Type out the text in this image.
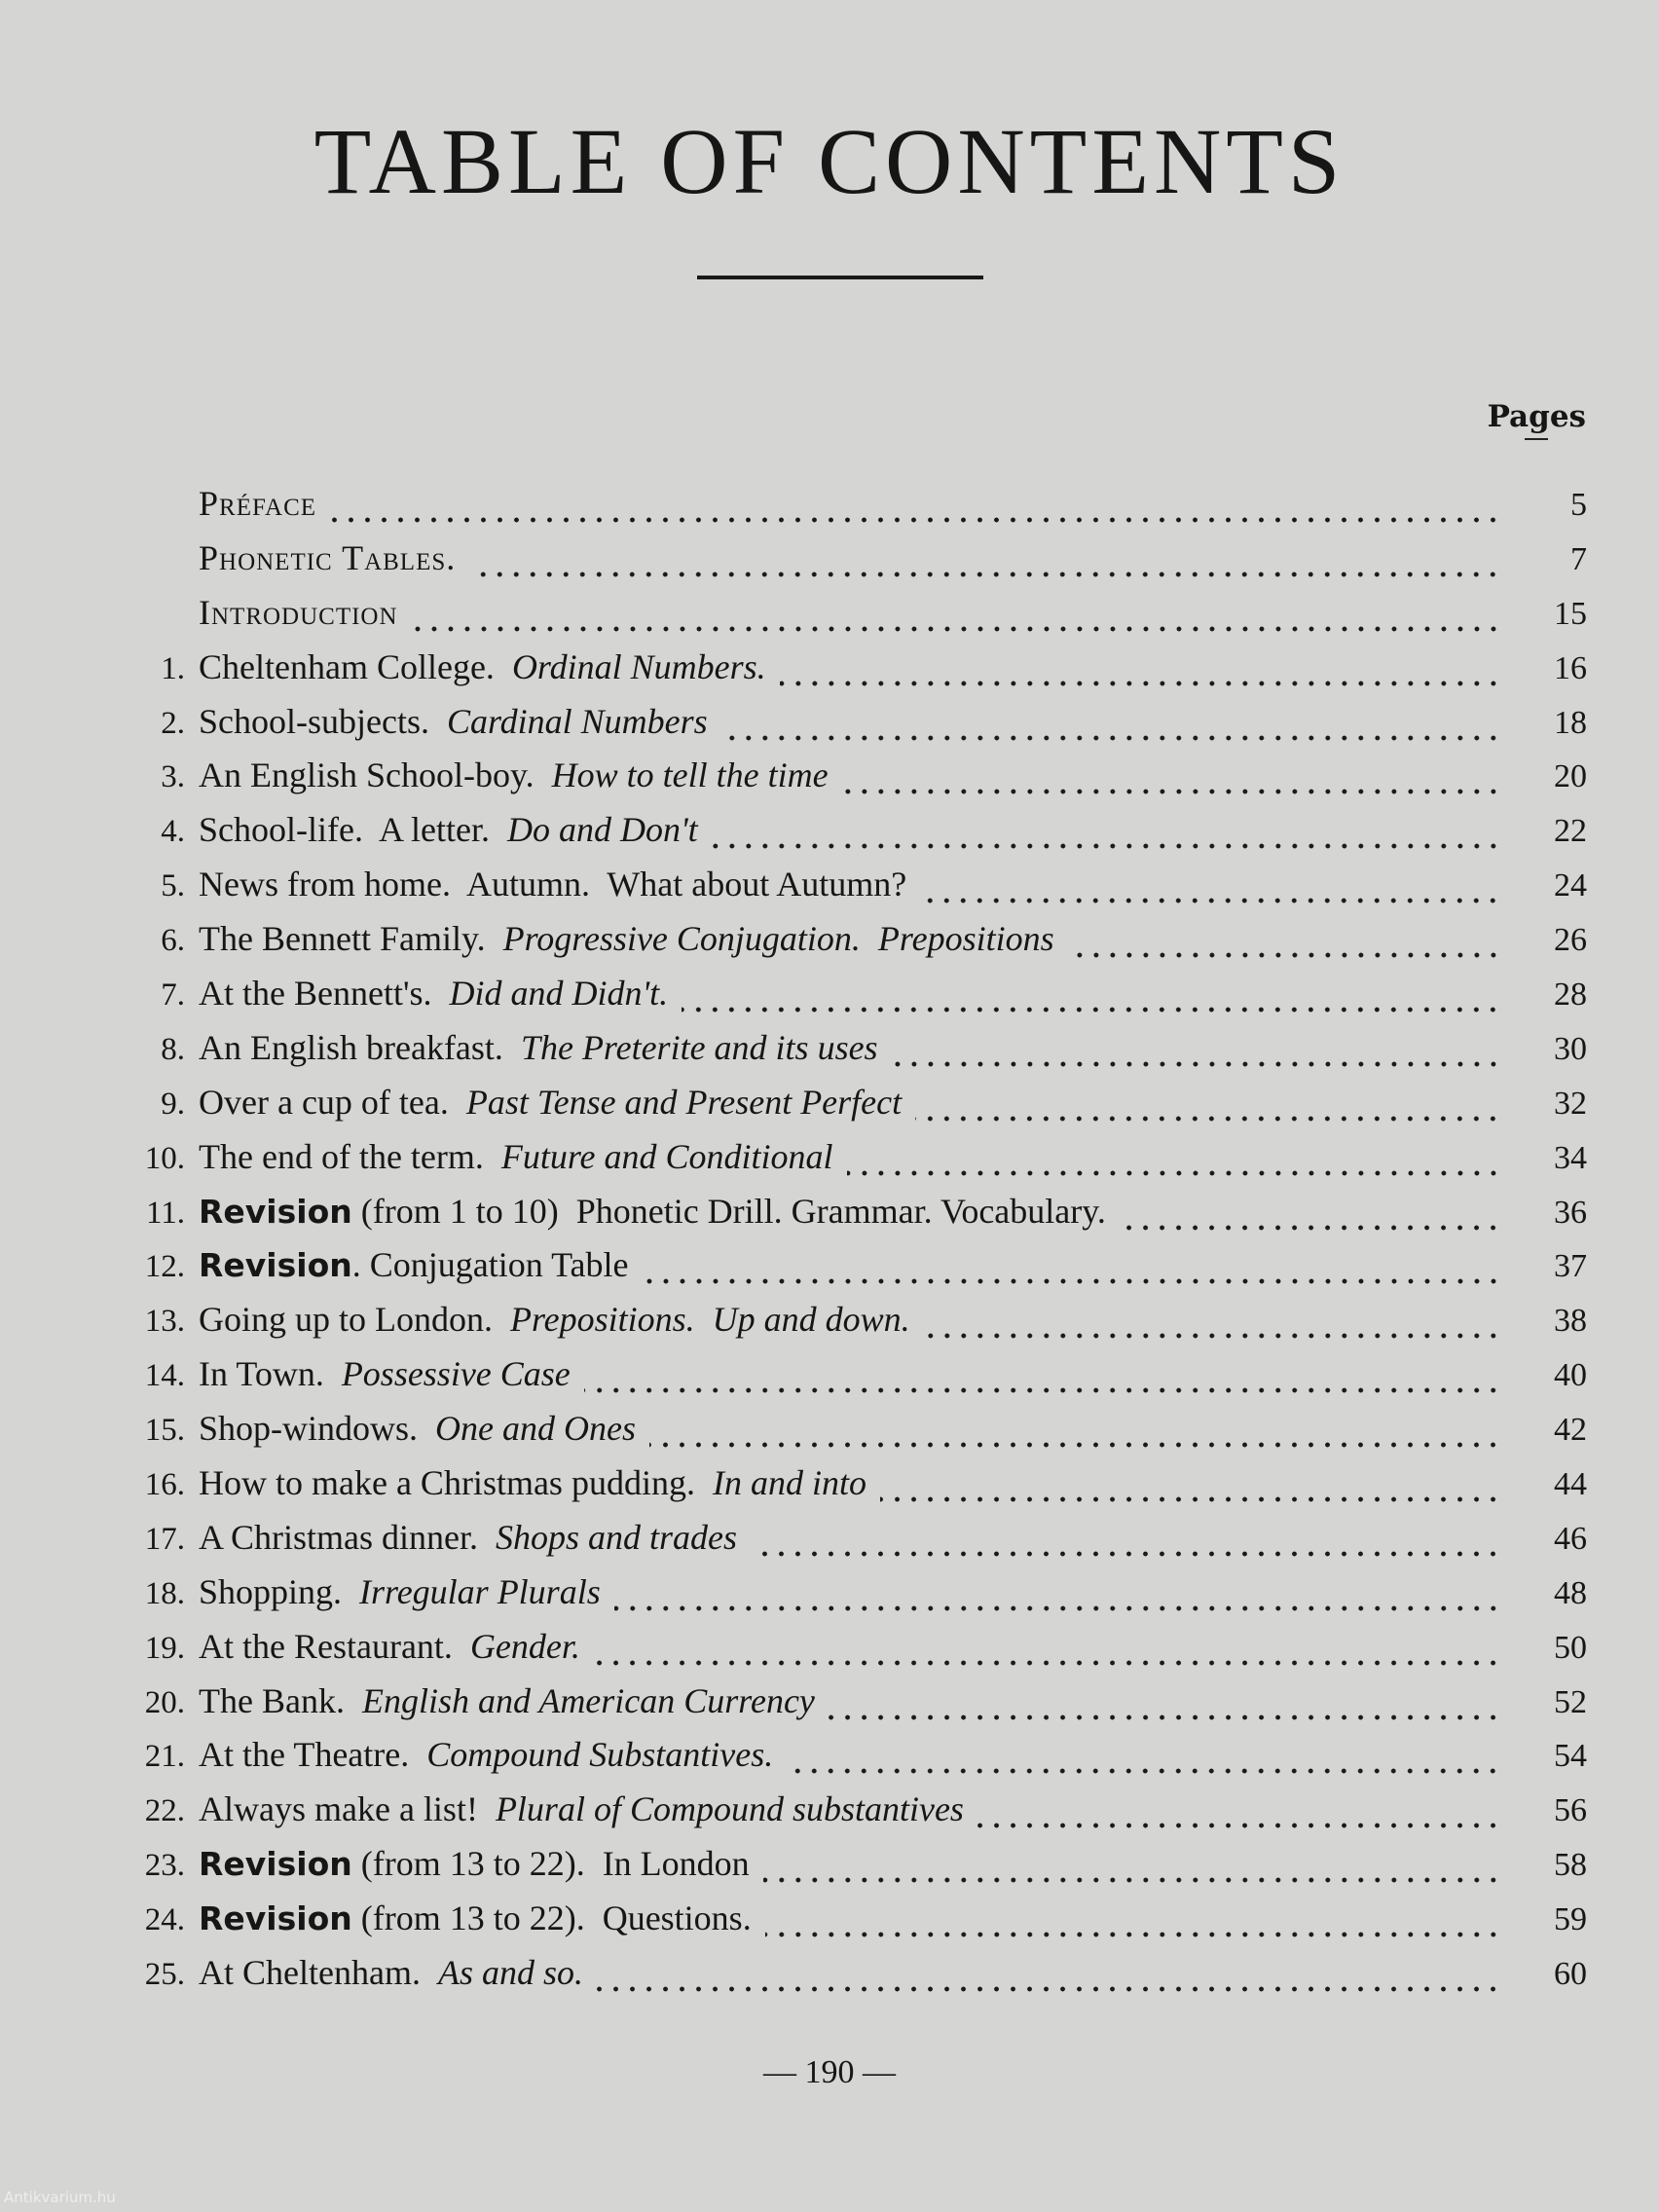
TABLE OF CONTENTS
Pages
Préface	5
Phonetic Tables.	7
Introduction	15
1. Cheltenham College.  Ordinal Numbers.	16
2. School-subjects.  Cardinal Numbers	18
3. An English School-boy.  How to tell the time	20
4. School-life.  A letter.  Do and Don't	22
5. News from home.  Autumn.  What about Autumn?	24
6. The Bennett Family.  Progressive Conjugation.  Prepositions	26
7. At the Bennett's.  Did and Didn't.	28
8. An English breakfast.  The Preterite and its uses	30
9. Over a cup of tea.  Past Tense and Present Perfect	32
10. The end of the term.  Future and Conditional	34
11. Revision (from 1 to 10)  Phonetic Drill. Grammar. Vocabulary.	36
12. Revision. Conjugation Table	37
13. Going up to London.  Prepositions.  Up and down.	38
14. In Town.  Possessive Case	40
15. Shop-windows.  One and Ones	42
16. How to make a Christmas pudding.  In and into	44
17. A Christmas dinner.  Shops and trades	46
18. Shopping.  Irregular Plurals	48
19. At the Restaurant.  Gender.	50
20. The Bank.  English and American Currency	52
21. At the Theatre.  Compound Substantives.	54
22. Always make a list!  Plural of Compound substantives	56
23. Revision (from 13 to 22).  In London	58
24. Revision (from 13 to 22).  Questions.	59
25. At Cheltenham.  As and so.	60
— 190 —
Antikvarium.hu
